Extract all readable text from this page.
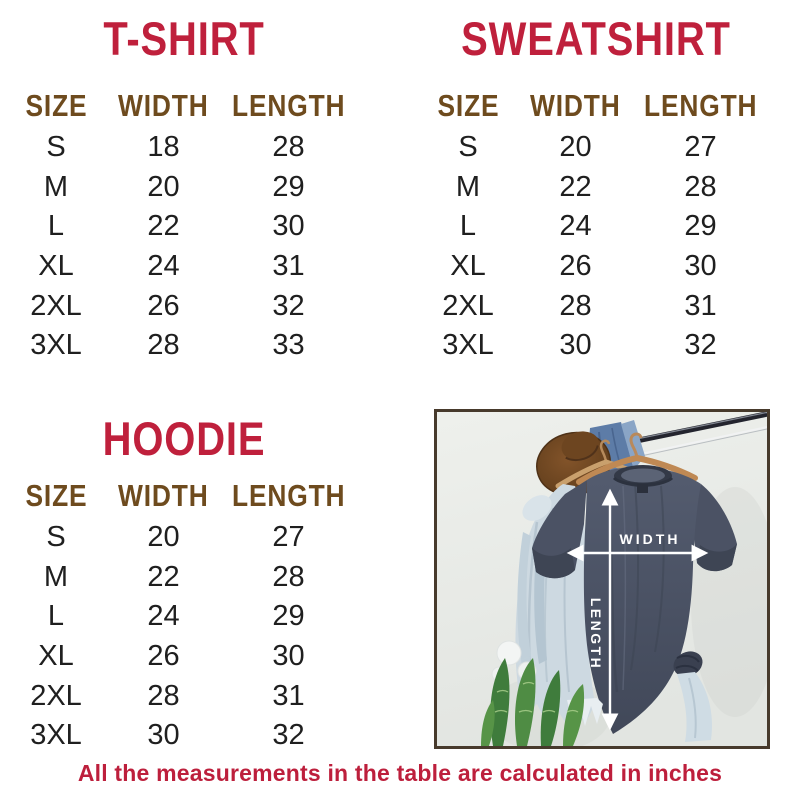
T-SHIRT
SIZE	WIDTH LENGTH
S	18	28
M	20	29
L	22	30
XL	24	31
2XL	26	32
3XL	28	33
SWEATSHIRT
SIZE	WIDTH LENGTH
S	20	27
M	22	28
L	24	29
XL	26	30
2XL	28	31
3XL	30	32
HOODIE
SIZE	WIDTH LENGTH
S	20	27
M	22	28
L	24	29
XL	26	30
2XL	28	31
3XL	30	32
WIDTH
LENGTH
All the measurements in the table are calculated in inches
